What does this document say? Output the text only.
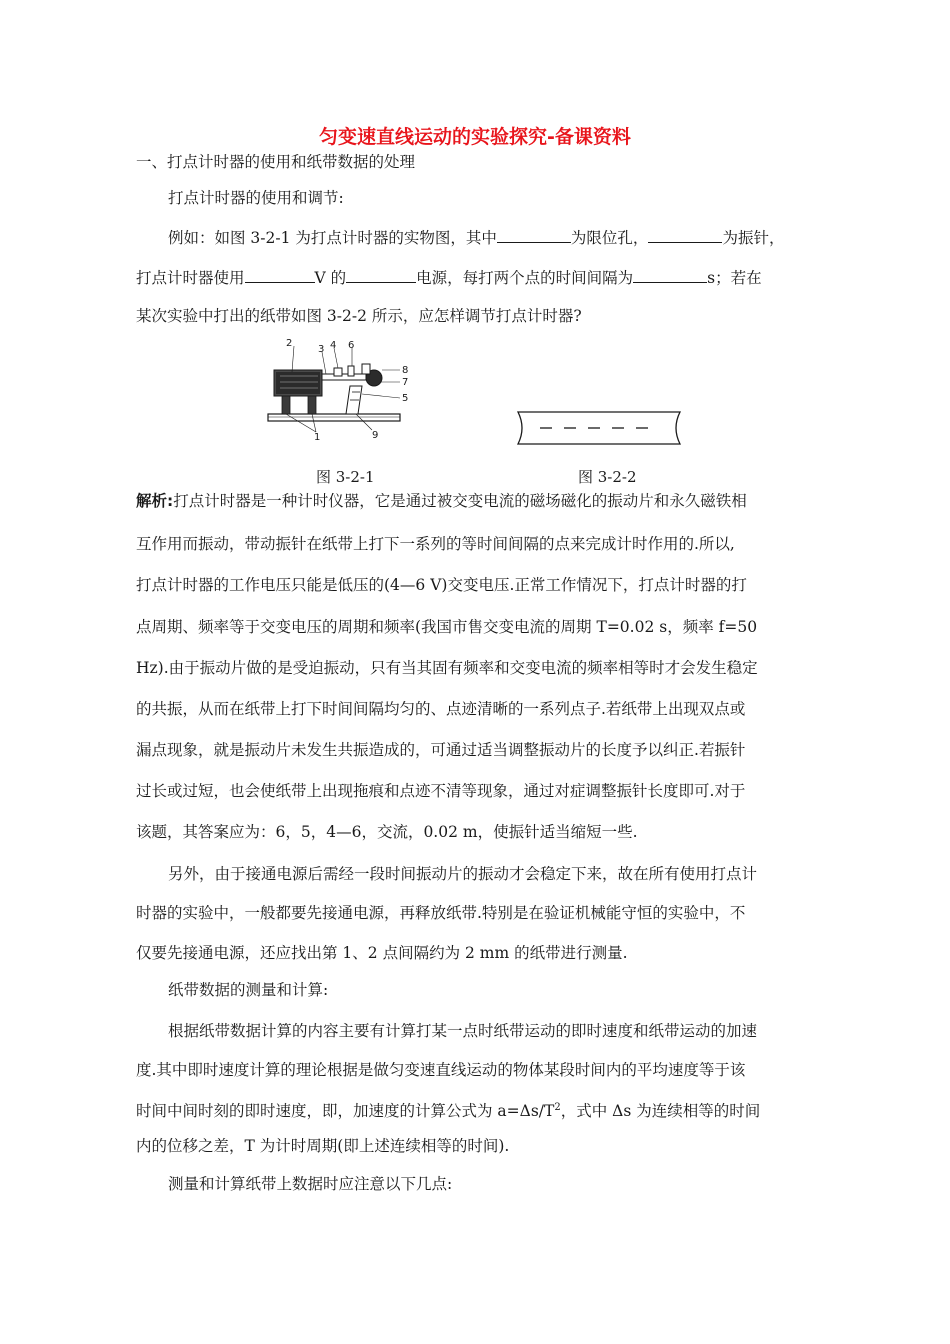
匀变速直线运动的实验探究-备课资料
一、打点计时器的使用和纸带数据的处理
打点计时器的使用和调节:
例如：如图 3-2-1 为打点计时器的实物图，其中	为限位孔，	为振针，
打点计时器使用	V 的	电源，每打两个点的时间间隔为	s；若在
某次实验中打出的纸带如图 3-2-2 所示，应怎样调节打点计时器?
2
3 4 6
8
7
5
1	9
图 3-2-1	图 3-2-2
解析:打点计时器是一种计时仪器，它是通过被交变电流的磁场磁化的振动片和永久磁铁相
互作用而振动，带动振针在纸带上打下一系列的等时间间隔的点来完成计时作用的.所以,
打点计时器的工作电压只能是低压的(4—6 V)交变电压.正常工作情况下，打点计时器的打
点周期、频率等于交变电压的周期和频率(我国市售交变电流的周期 T=0.02 s，频率 f=50
Hz).由于振动片做的是受迫振动，只有当其固有频率和交变电流的频率相等时才会发生稳定
的共振，从而在纸带上打下时间间隔均匀的、点迹清晰的一系列点子.若纸带上出现双点或
漏点现象，就是振动片未发生共振造成的，可通过适当调整振动片的长度予以纠正.若振针
过长或过短，也会使纸带上出现拖痕和点迹不清等现象，通过对症调整振针长度即可.对于
该题，其答案应为：6，5，4—6，交流，0.02 m，使振针适当缩短一些.
另外，由于接通电源后需经一段时间振动片的振动才会稳定下来，故在所有使用打点计
时器的实验中，一般都要先接通电源，再释放纸带.特别是在验证机械能守恒的实验中，不
仅要先接通电源，还应找出第 1、2 点间隔约为 2 mm 的纸带进行测量.
纸带数据的测量和计算:
根据纸带数据计算的内容主要有计算打某一点时纸带运动的即时速度和纸带运动的加速
度.其中即时速度计算的理论根据是做匀变速直线运动的物体某段时间内的平均速度等于该
时间中间时刻的即时速度，即，加速度的计算公式为 $a=\Delta s/T^2$，式中 Δs 为连续相等的时间
内的位移之差，T 为计时周期(即上述连续相等的时间).
测量和计算纸带上数据时应注意以下几点:
